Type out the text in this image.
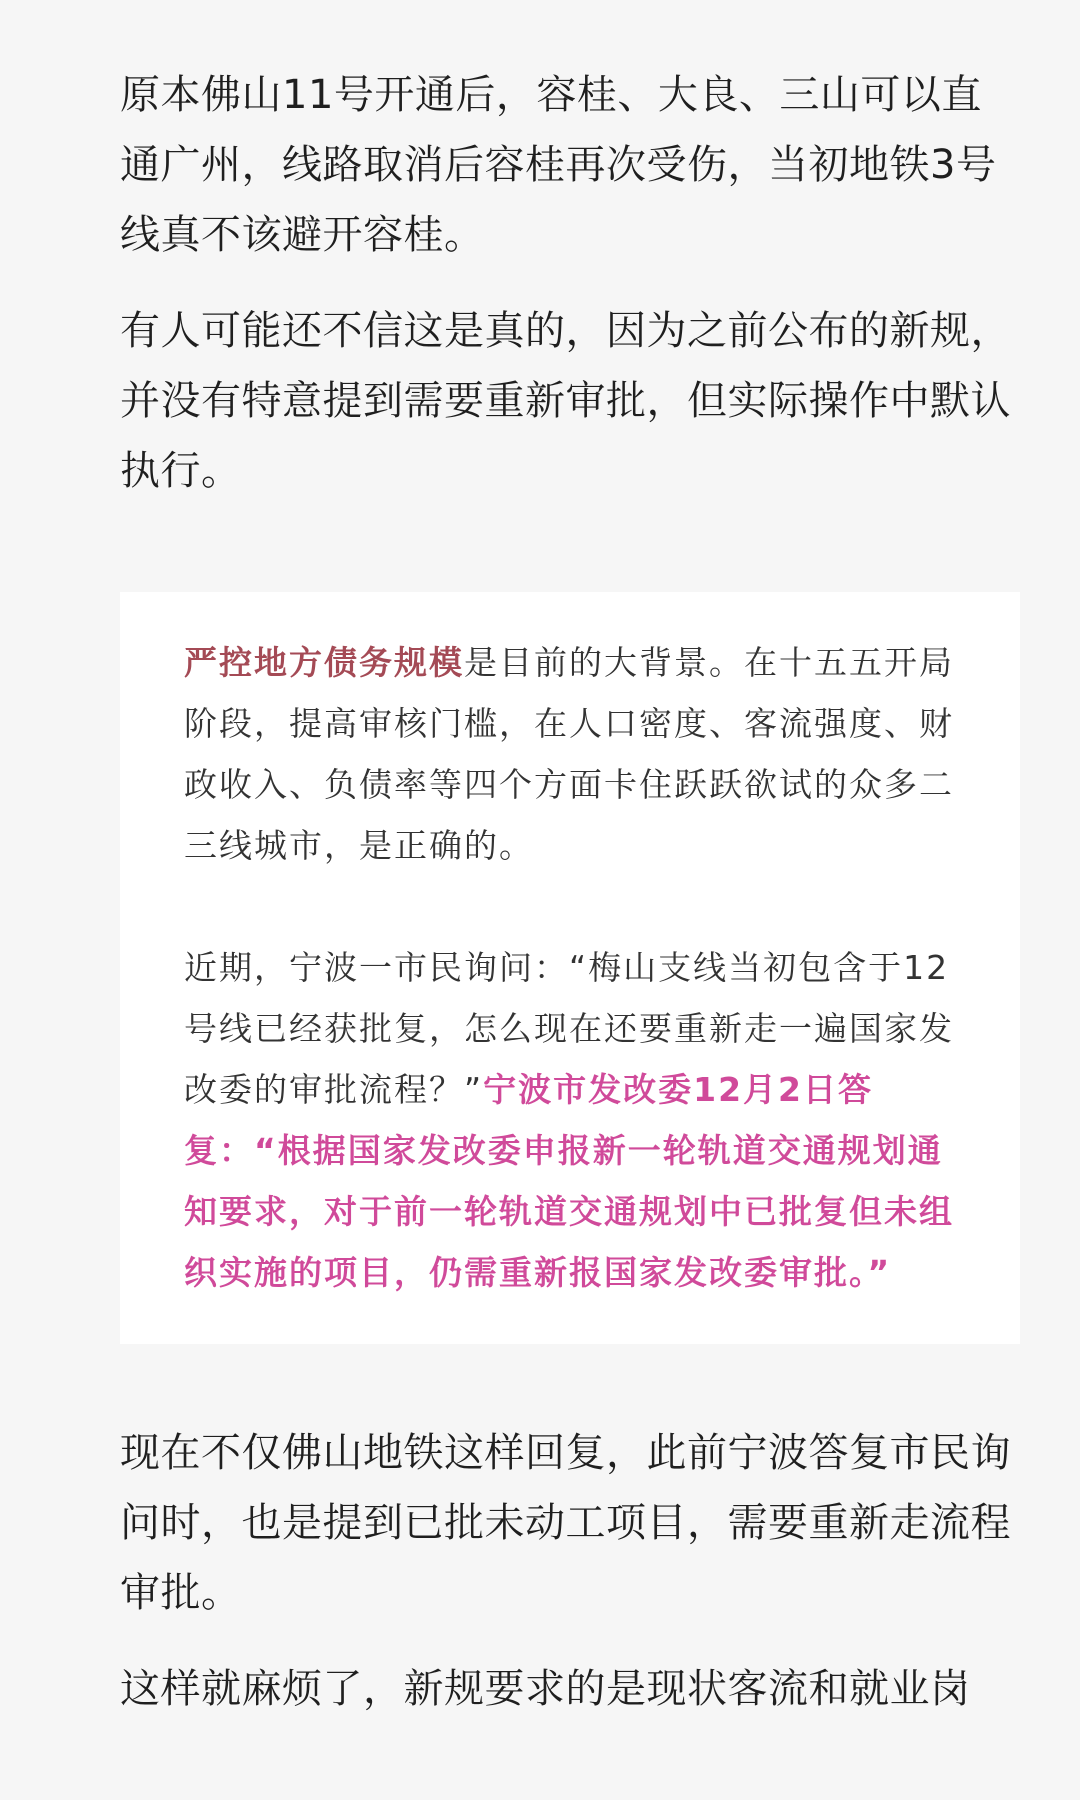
原本佛山11号开通后，容桂、大良、三山可以直通广州，线路取消后容桂再次受伤，当初地铁3号线真不该避开容桂。

有人可能还不信这是真的，因为之前公布的新规，并没有特意提到需要重新审批，但实际操作中默认执行。

严控地方债务规模是目前的大背景。在十五五开局阶段，提高审核门槛，在人口密度、客流强度、财政收入、负债率等四个方面卡住跃跃欲试的众多二三线城市，是正确的。

近期，宁波一市民询问：“梅山支线当初包含于12号线已经获批复，怎么现在还要重新走一遍国家发改委的审批流程？”宁波市发改委12月2日答复：“根据国家发改委申报新一轮轨道交通规划通知要求，对于前一轮轨道交通规划中已批复但未组织实施的项目，仍需重新报国家发改委审批。”

现在不仅佛山地铁这样回复，此前宁波答复市民询问时，也是提到已批未动工项目，需要重新走流程审批。

这样就麻烦了，新规要求的是现状客流和就业岗
